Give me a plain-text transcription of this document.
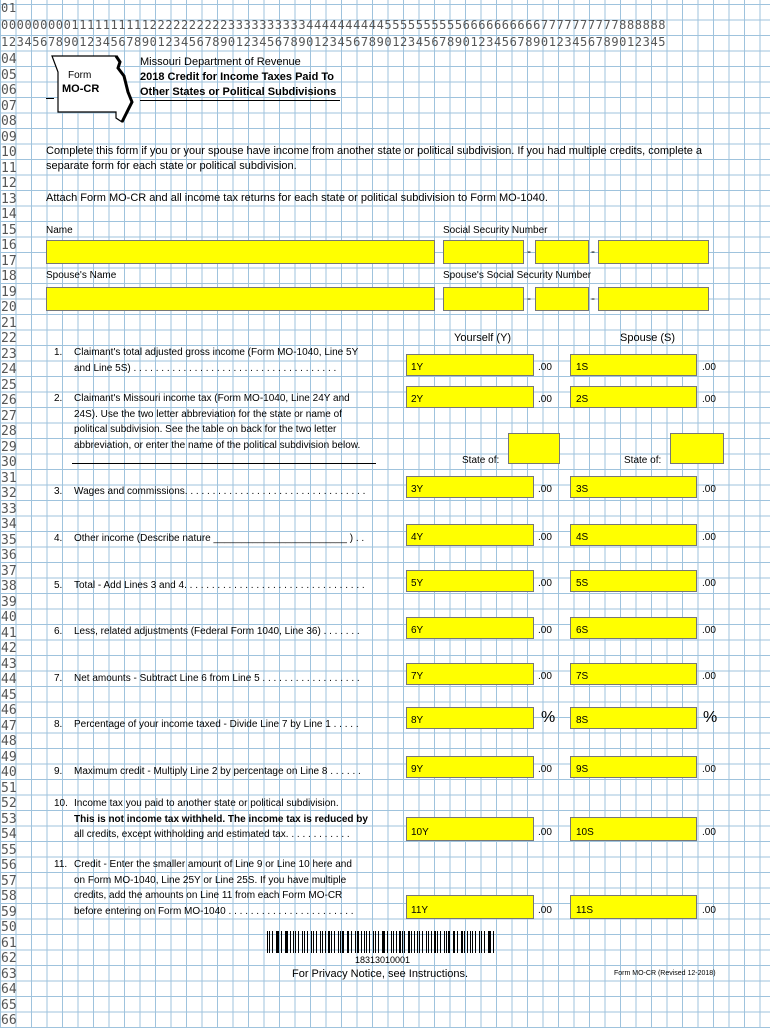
01
0000000001111111111222222222233333333334444444444555555555566666666667777777777888888
1234567890123456789012345678901234567890123456789012345678901234567890123456789012345
04
05
06
07
08
09
10
11
12
13
14
15
16
17
18
19
20
21
22
23
24
25
26
27
28
29
30
31
32
33
34
35
36
37
38
39
40
41
42
43
44
45
46
47
48
49
40
51
52
53
54
55
56
57
58
59
50
61
62
63
64
65
66
Form
MO-CR
Missouri Department of Revenue
2018 Credit for Income Taxes Paid To
Other States or Political Subdivisions
Complete this form if you or your spouse have income from another state or political subdivision. If you had multiple credits, complete a
separate form for each state or political subdivision.
Attach Form MO-CR and all income tax returns for each state or political subdivision to Form MO-1040.
Name	Social Security Number
-	-
Spouse's Name	Spouse's Social Security Number
-	-
Yourself (Y)	Spouse (S)
1. Claimant's total adjusted gross income (Form MO-1040, Line 5Y
and Line 5S) . . . . . . . . . . . . . . . . . . . . . . . . . . . . . . . . . . . . .	1Y	1S
.00	.00
2. Claimant's Missouri income tax (Form MO-1040, Line 24Y and
24S). Use the two letter abbreviation for the state or name of
political subdivision. See the table on back for the two letter
abbreviation, or enter the name of the political subdivision below.
2Y	2S
.00	.00
3. Wages and commissions. . . . . . . . . . . . . . . . . . . . . . . . . . . . . . . . .	3Y	3S
.00	.00
4. Other income (Describe nature ________________________ ) . .	4Y	4S
.00	.00
5. Total - Add Lines 3 and 4. . . . . . . . . . . . . . . . . . . . . . . . . . . . . . . . .	5Y	5S
.00	.00
6. Less, related adjustments (Federal Form 1040, Line 36) . . . . . . .	6Y	6S
.00	.00
7. Net amounts - Subtract Line 6 from Line 5 . . . . . . . . . . . . . . . . . .	7Y	7S
.00	.00
8. Percentage of your income taxed - Divide Line 7 by Line 1 . . . . .	8Y	8S
%	%
9. Maximum credit - Multiply Line 2 by percentage on Line 8 . . . . . .	9Y	9S
.00	.00
10. Income tax you paid to another state or political subdivision.
This is not income tax withheld. The income tax is reduced by
all credits, except withholding and estimated tax. . . . . . . . . . . .	10Y	10S
.00	.00
11. Credit - Enter the smaller amount of Line 9 or Line 10 here and
on Form MO-1040, Line 25Y or Line 25S. If you have multiple
credits, add the amounts on Line 11 from each Form MO-CR
before entering on Form MO-1040 . . . . . . . . . . . . . . . . . . . . . . .	11Y	11S
.00	.00
State of:	State of:
18313010001
For Privacy Notice, see Instructions.	Form MO-CR (Revised 12-2018)
